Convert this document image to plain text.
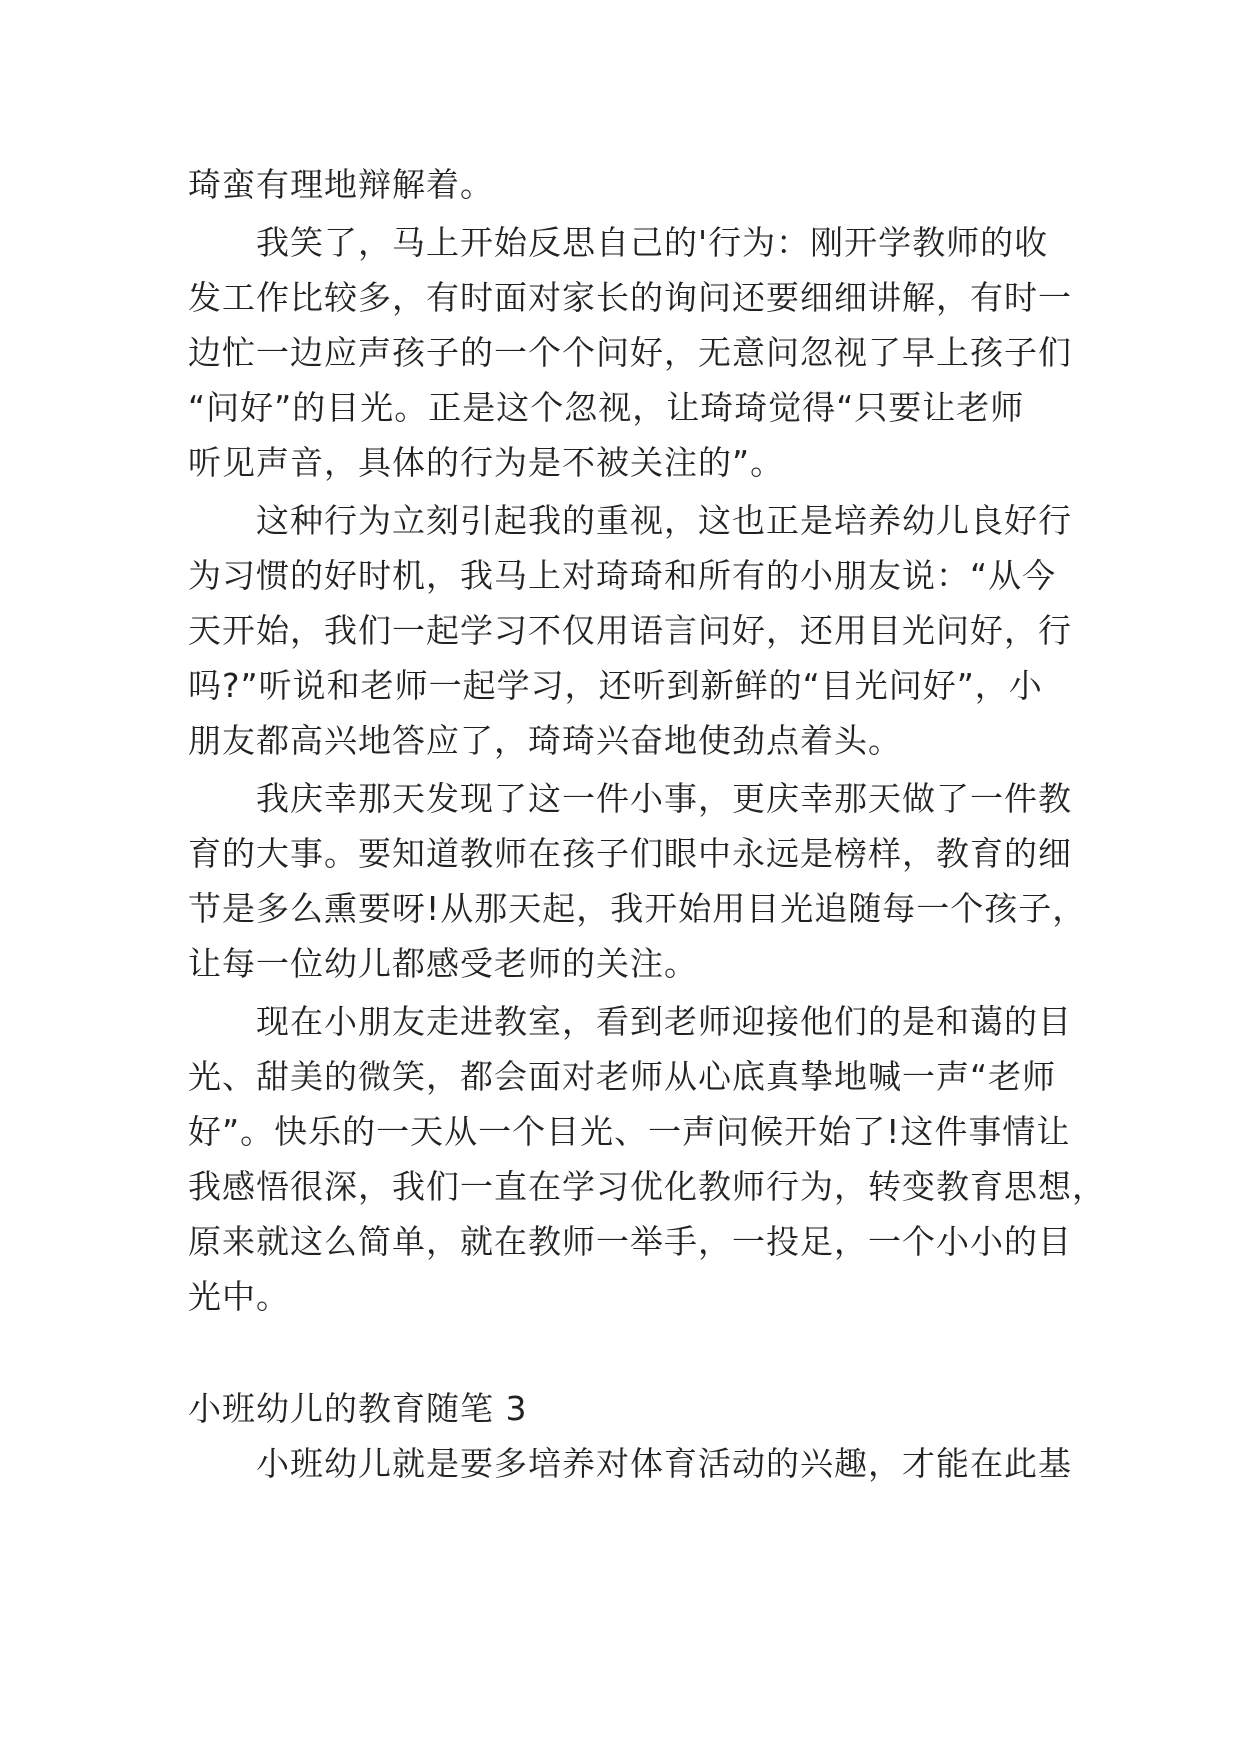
琦蛮有理地辩解着。
我笑了，马上开始反思自己的'行为：刚开学教师的收
发工作比较多，有时面对家长的询问还要细细讲解，有时一
边忙一边应声孩子的一个个问好，无意问忽视了早上孩子们
“问好”的目光。正是这个忽视，让琦琦觉得“只要让老师
听见声音，具体的行为是不被关注的”。
这种行为立刻引起我的重视，这也正是培养幼儿良好行
为习惯的好时机，我马上对琦琦和所有的小朋友说：“从今
天开始，我们一起学习不仅用语言问好，还用目光问好，行
吗?”听说和老师一起学习，还听到新鲜的“目光问好”，小
朋友都高兴地答应了，琦琦兴奋地使劲点着头。
我庆幸那天发现了这一件小事，更庆幸那天做了一件教
育的大事。要知道教师在孩子们眼中永远是榜样，教育的细
节是多么熏要呀!从那天起，我开始用目光追随每一个孩子，
让每一位幼儿都感受老师的关注。
现在小朋友走进教室，看到老师迎接他们的是和蔼的目
光、甜美的微笑，都会面对老师从心底真挚地喊一声“老师
好”。快乐的一天从一个目光、一声问候开始了!这件事情让
我感悟很深，我们一直在学习优化教师行为，转变教育思想，
原来就这么简单，就在教师一举手，一投足，一个小小的目
光中。
小班幼儿的教育随笔 3
小班幼儿就是要多培养对体育活动的兴趣，才能在此基
